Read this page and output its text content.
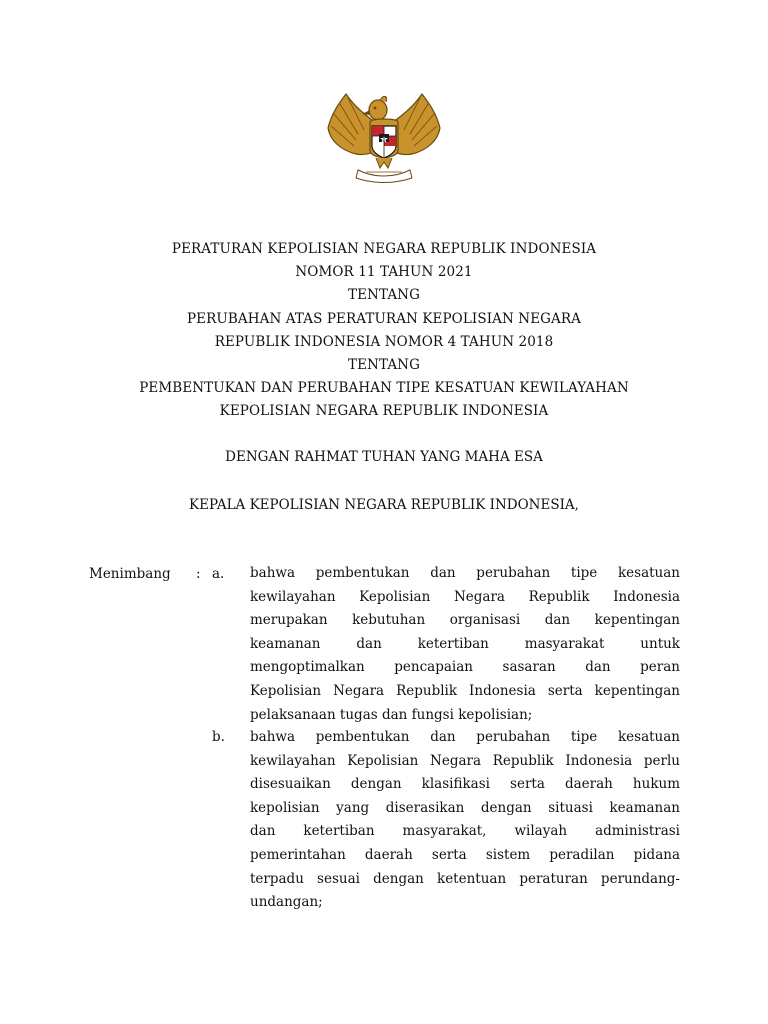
PERATURAN KEPOLISIAN NEGARA REPUBLIK INDONESIA
NOMOR 11 TAHUN 2021
TENTANG
PERUBAHAN ATAS PERATURAN KEPOLISIAN NEGARA
REPUBLIK INDONESIA NOMOR 4 TAHUN 2018
TENTANG
PEMBENTUKAN DAN PERUBAHAN TIPE KESATUAN KEWILAYAHAN
KEPOLISIAN NEGARA REPUBLIK INDONESIA
DENGAN RAHMAT TUHAN YANG MAHA ESA
KEPALA KEPOLISIAN NEGARA REPUBLIK INDONESIA,
Menimbang : a. bahwa pembentukan dan perubahan tipe kesatuan
kewilayahan Kepolisian Negara Republik Indonesia
merupakan kebutuhan organisasi dan kepentingan
keamanan dan ketertiban masyarakat untuk
mengoptimalkan pencapaian sasaran dan peran
Kepolisian Negara Republik Indonesia serta kepentingan
pelaksanaan tugas dan fungsi kepolisian;
b. bahwa pembentukan dan perubahan tipe kesatuan
kewilayahan Kepolisian Negara Republik Indonesia perlu
disesuaikan dengan klasifikasi serta daerah hukum
kepolisian yang diserasikan dengan situasi keamanan
dan ketertiban masyarakat, wilayah administrasi
pemerintahan daerah serta sistem peradilan pidana
terpadu sesuai dengan ketentuan peraturan perundang-
undangan;
